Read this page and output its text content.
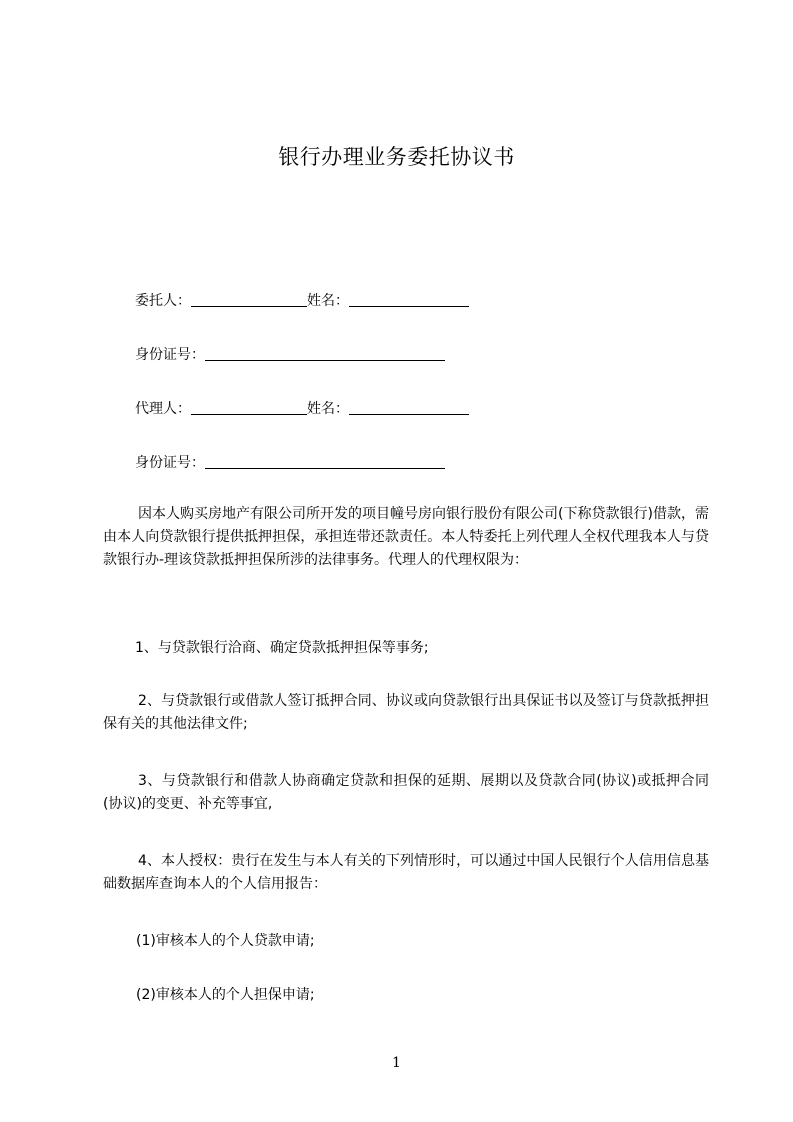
银行办理业务委托协议书
委托人：	姓名：
身份证号：
代理人：	姓名：
身份证号：

因本人购买房地产有限公司所开发的项目幢号房向银行股份有限公司(下称贷款银行)借款，需由本人向贷款银行提供抵押担保，承担连带还款责任。本人特委托上列代理人全权代理我本人与贷款银行办-理该贷款抵押担保所涉的法律事务。代理人的代理权限为：

1、与贷款银行洽商、确定贷款抵押担保等事务;

2、与贷款银行或借款人签订抵押合同、协议或向贷款银行出具保证书以及签订与贷款抵押担保有关的其他法律文件;

3、与贷款银行和借款人协商确定贷款和担保的延期、展期以及贷款合同(协议)或抵押合同(协议)的变更、补充等事宜,

4、本人授权：贵行在发生与本人有关的下列情形时，可以通过中国人民银行个人信用信息基础数据库查询本人的个人信用报告：

(1)审核本人的个人贷款申请;
(2)审核本人的个人担保申请;
1
